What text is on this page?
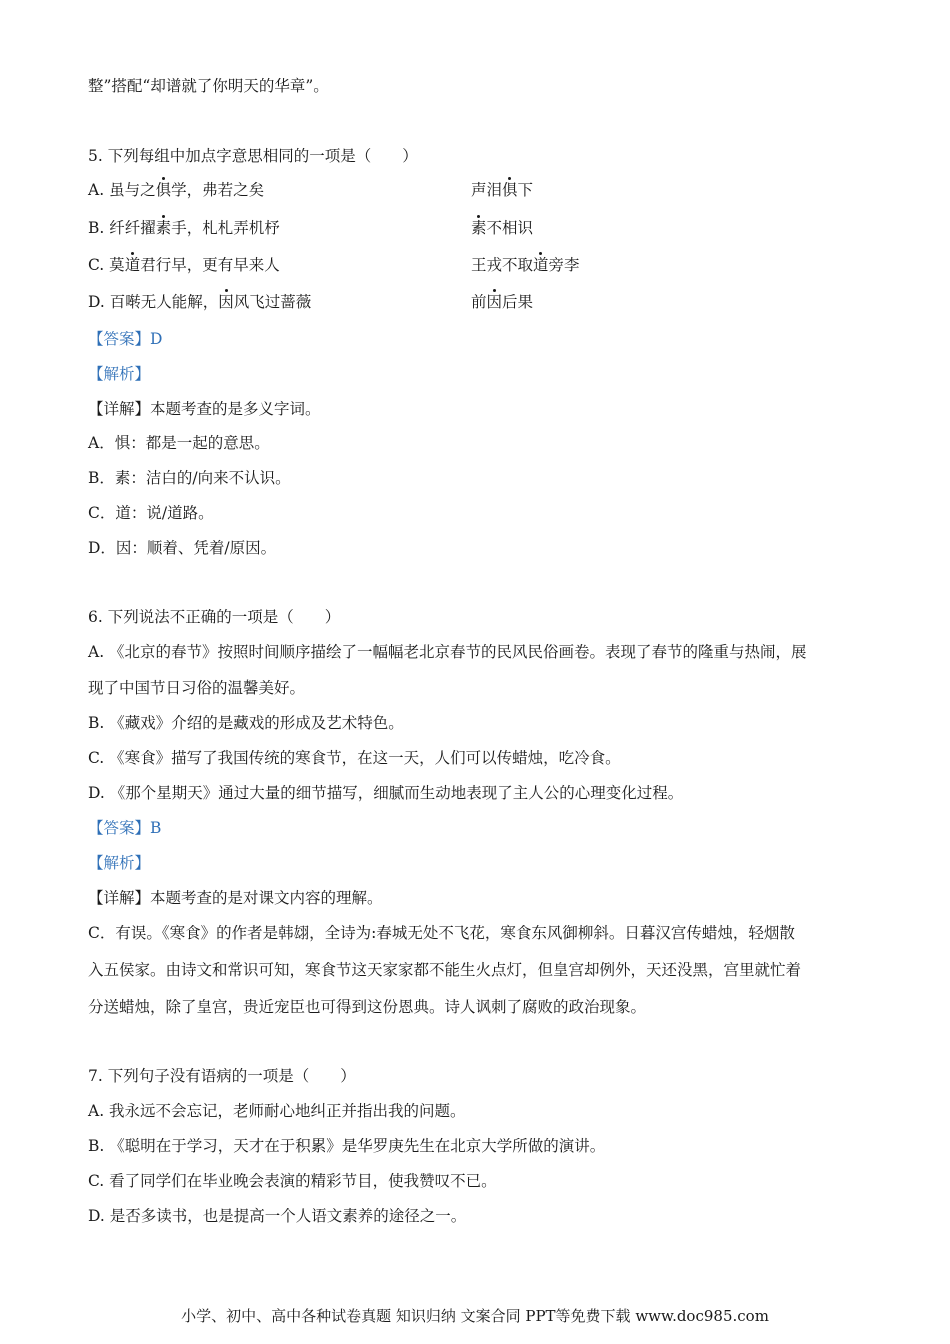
整”搭配“却谱就了你明天的华章”。
5. 下列每组中加点字意思相同的一项是（　　）
A. 虽与之俱学，弗若之矣	声泪俱下
B. 纤纤擢素手，札札弄机杼	素不相识
C. 莫道君行早，更有早来人	王戎不取道旁李
D. 百啭无人能解，因风飞过蔷薇	前因后果
【答案】D
【解析】
【详解】本题考查的是多义字词。
A．惧：都是一起的意思。
B．素：洁白的/向来不认识。
C．道：说/道路。
D．因：顺着、凭着/原因。
6. 下列说法不正确的一项是（　　）
A. 《北京的春节》按照时间顺序描绘了一幅幅老北京春节的民风民俗画卷。表现了春节的隆重与热闹，展
现了中国节日习俗的温馨美好。
B. 《藏戏》介绍的是藏戏的形成及艺术特色。
C. 《寒食》描写了我国传统的寒食节，在这一天，人们可以传蜡烛，吃冷食。
D. 《那个星期天》通过大量的细节描写，细腻而生动地表现了主人公的心理变化过程。
【答案】B
【解析】
【详解】本题考查的是对课文内容的理解。
C．有误。《寒食》的作者是韩翃，全诗为:春城无处不飞花，寒食东风御柳斜。日暮汉宫传蜡烛，轻烟散
入五侯家。由诗文和常识可知，寒食节这天家家都不能生火点灯，但皇宫却例外，天还没黑，宫里就忙着
分送蜡烛，除了皇宫，贵近宠臣也可得到这份恩典。诗人讽刺了腐败的政治现象。
7. 下列句子没有语病的一项是（　　）
A. 我永远不会忘记，老师耐心地纠正并指出我的问题。
B. 《聪明在于学习，天才在于积累》是华罗庚先生在北京大学所做的演讲。
C. 看了同学们在毕业晚会表演的精彩节目，使我赞叹不已。
D. 是否多读书，也是提高一个人语文素养的途径之一。
小学、初中、高中各种试卷真题 知识归纳 文案合同 PPT等免费下载 www.doc985.com
